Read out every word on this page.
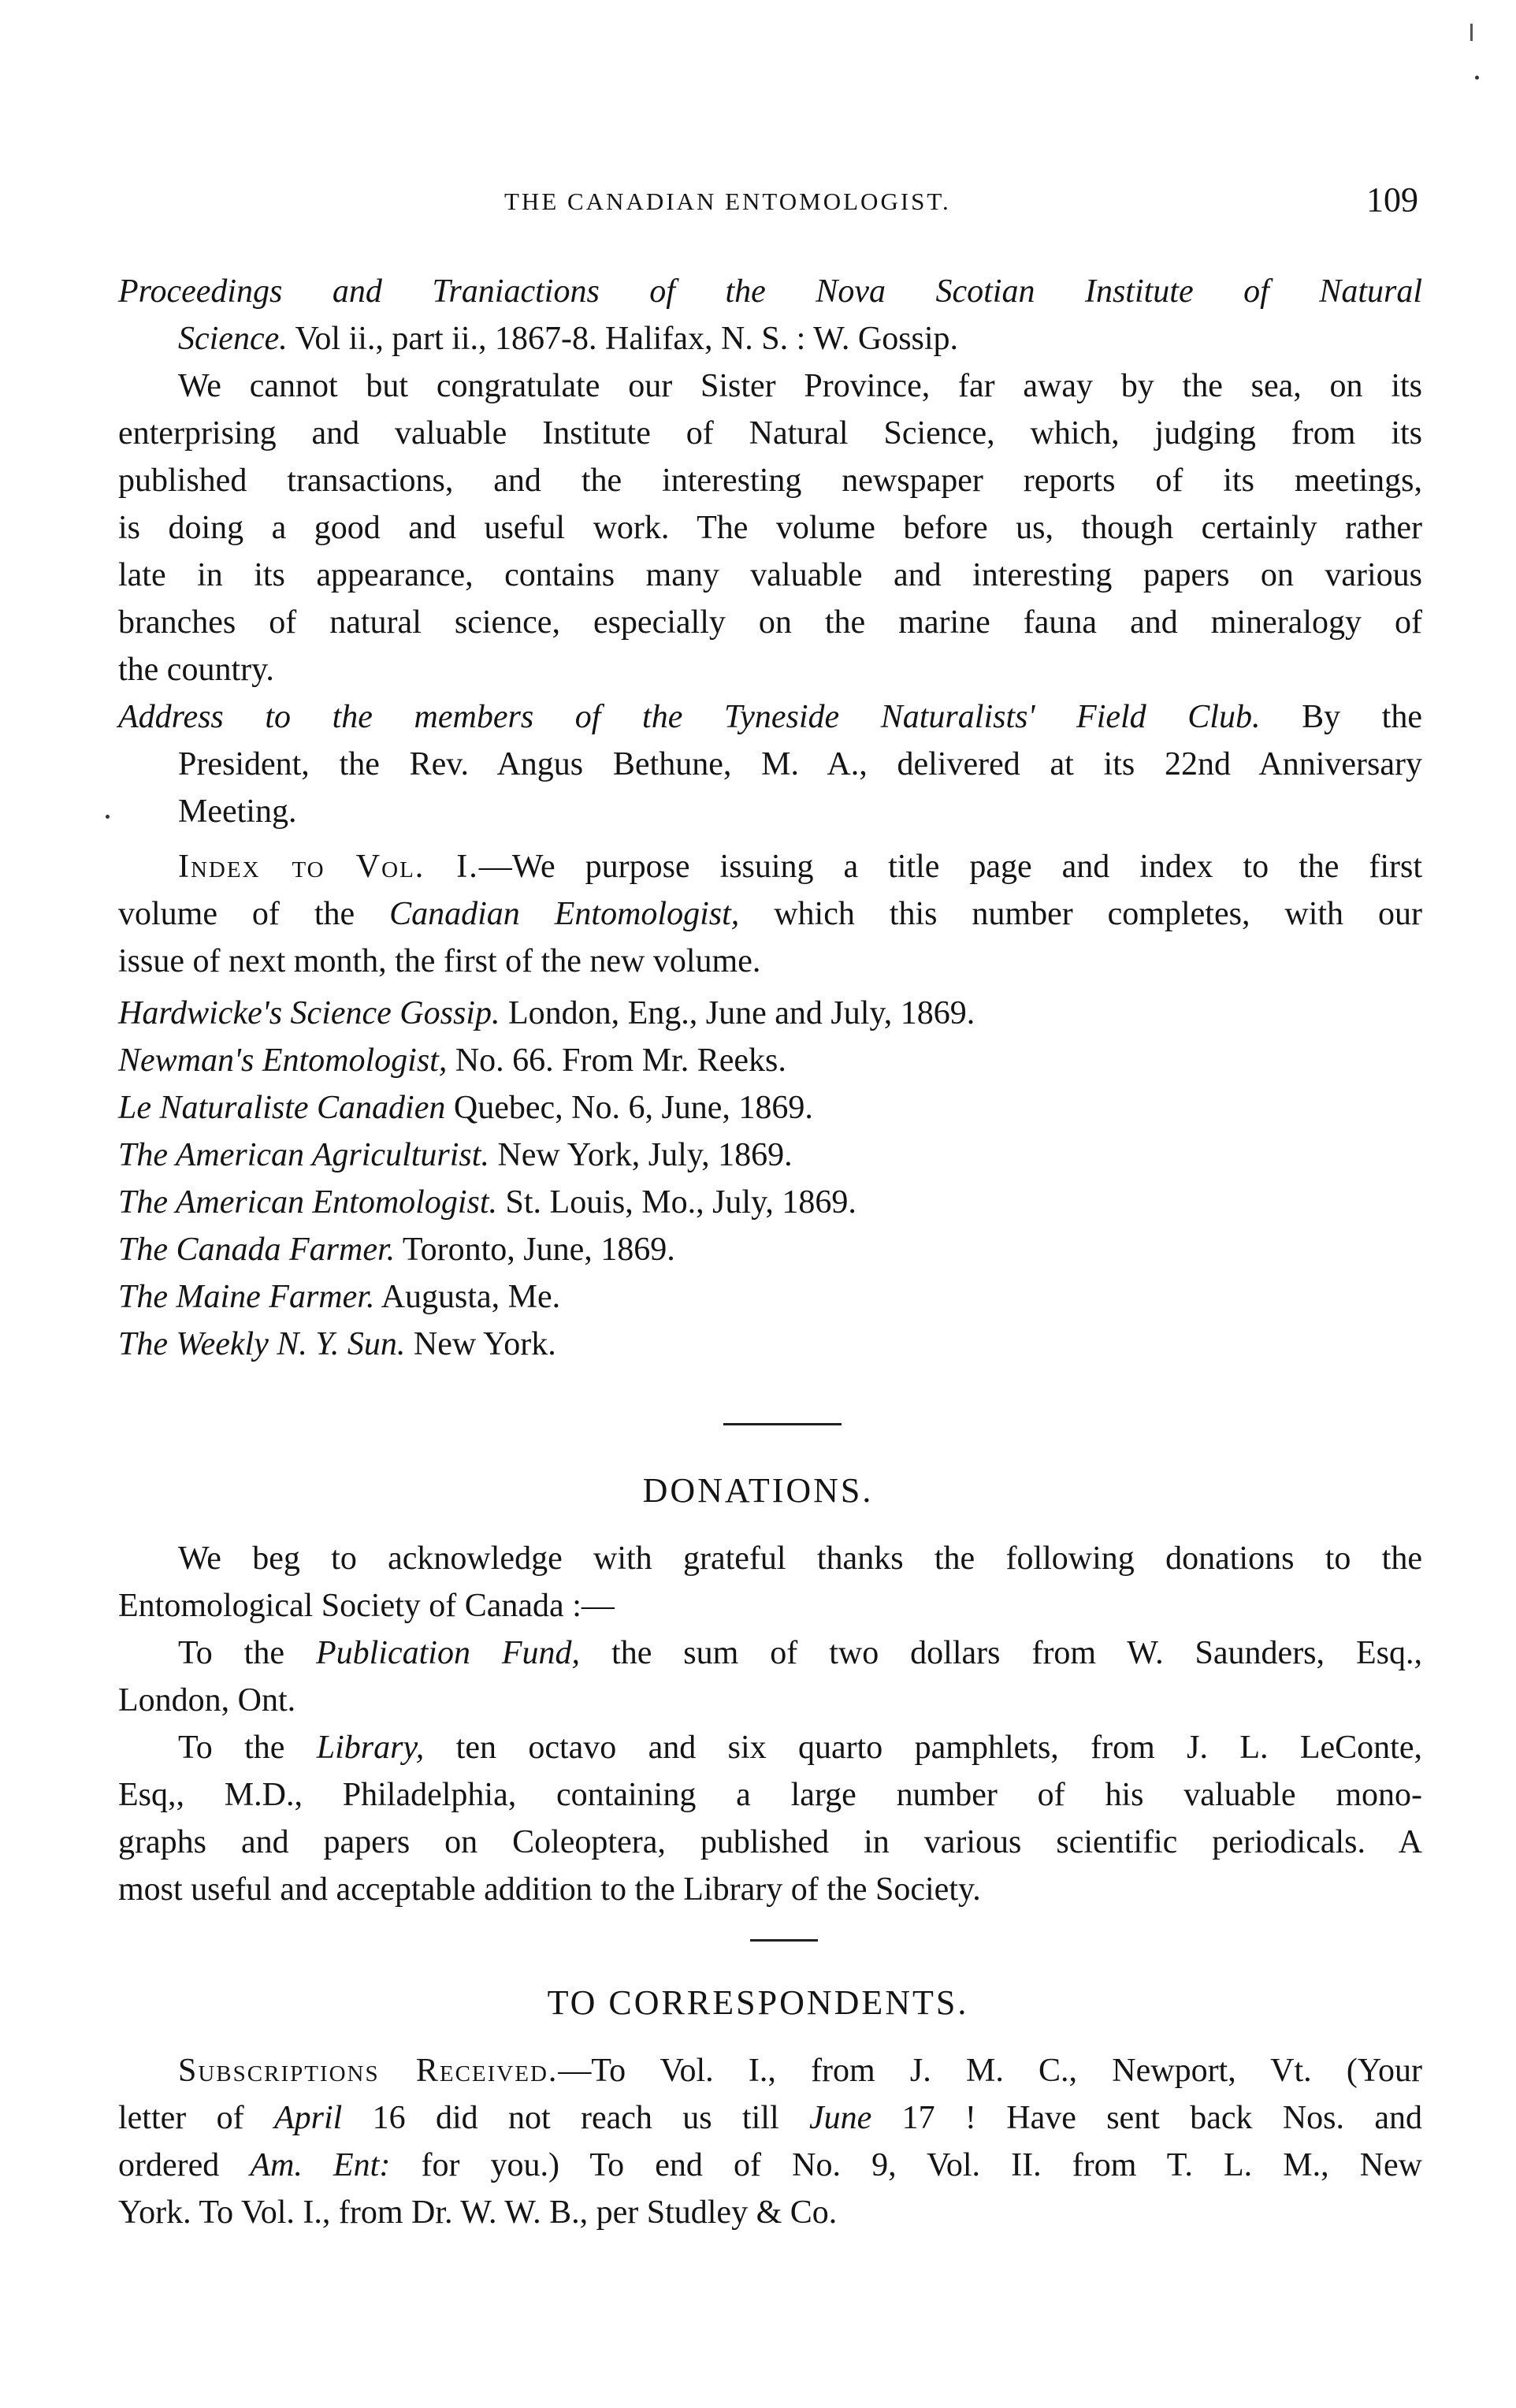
THE CANADIAN ENTOMOLOGIST.	109
Proceedings and Traniactions of the Nova Scotian Institute of Natural
Science. Vol ii., part ii., 1867-8. Halifax, N. S. : W. Gossip.
We cannot but congratulate our Sister Province, far away by the sea, on its
enterprising and valuable Institute of Natural Science, which, judging from its
published transactions, and the interesting newspaper reports of its meetings,
is doing a good and useful work. The volume before us, though certainly rather
late in its appearance, contains many valuable and interesting papers on various
branches of natural science, especially on the marine fauna and mineralogy of
the country.
Address to the members of the Tyneside Naturalists' Field Club. By the
President, the Rev. Angus Bethune, M. A., delivered at its 22nd Anniversary
Meeting.
Index to Vol. I.—We purpose issuing a title page and index to the first
volume of the Canadian Entomologist, which this number completes, with our
issue of next month, the first of the new volume.
Hardwicke's Science Gossip. London, Eng., June and July, 1869.
Newman's Entomologist, No. 66. From Mr. Reeks.
Le Naturaliste Canadien Quebec, No. 6, June, 1869.
The American Agriculturist. New York, July, 1869.
The American Entomologist. St. Louis, Mo., July, 1869.
The Canada Farmer. Toronto, June, 1869.
The Maine Farmer. Augusta, Me.
The Weekly N. Y. Sun. New York.
DONATIONS.
We beg to acknowledge with grateful thanks the following donations to the
Entomological Society of Canada :—
To the Publication Fund, the sum of two dollars from W. Saunders, Esq.,
London, Ont.
To the Library, ten octavo and six quarto pamphlets, from J. L. LeConte,
Esq,, M.D., Philadelphia, containing a large number of his valuable mono-
graphs and papers on Coleoptera, published in various scientific periodicals. A
most useful and acceptable addition to the Library of the Society.
TO CORRESPONDENTS.
Subscriptions Received.—To Vol. I., from J. M. C., Newport, Vt. (Your
letter of April 16 did not reach us till June 17 ! Have sent back Nos. and
ordered Am. Ent: for you.) To end of No. 9, Vol. II. from T. L. M., New
York. To Vol. I., from Dr. W. W. B., per Studley & Co.
